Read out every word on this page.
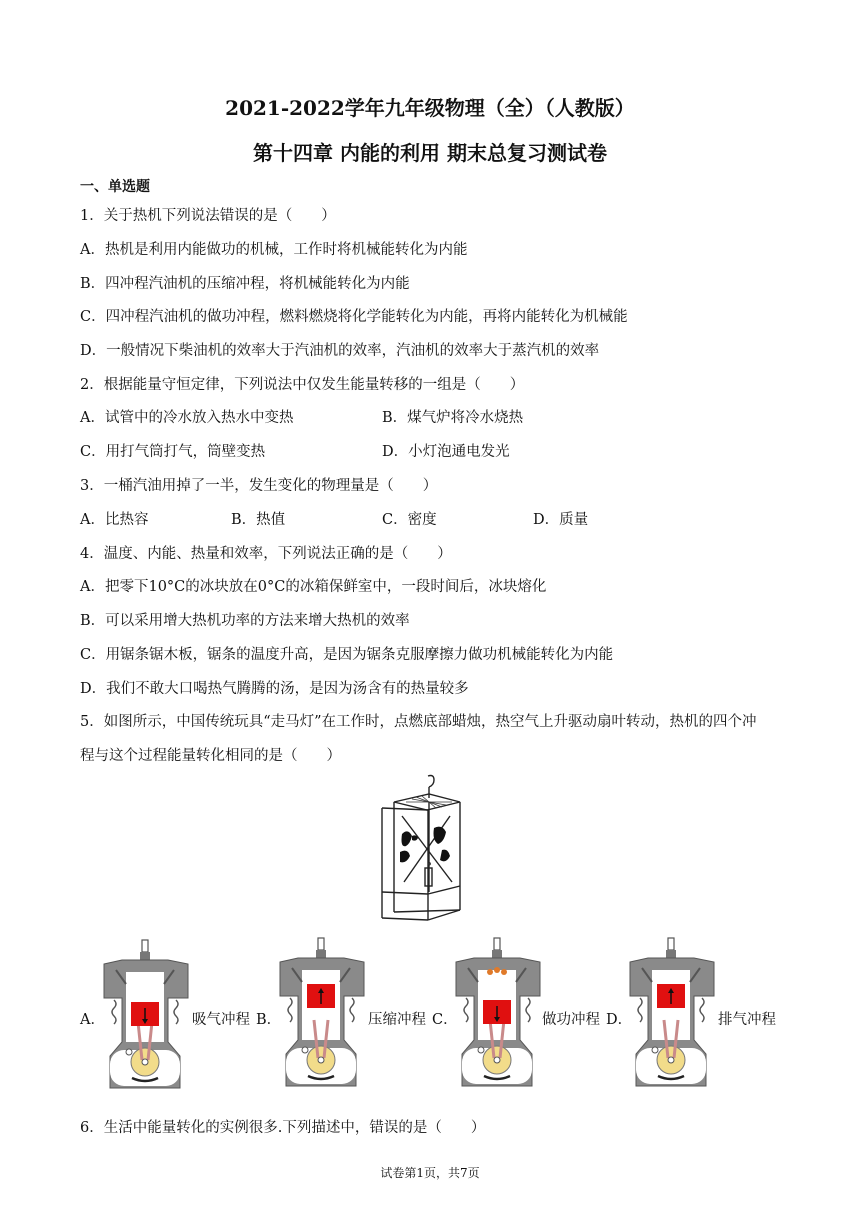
2021-2022学年九年级物理（全）（人教版）
第十四章 内能的利用 期末总复习测试卷
一、单选题
1．关于热机下列说法错误的是（　　）
A．热机是利用内能做功的机械，工作时将机械能转化为内能
B．四冲程汽油机的压缩冲程，将机械能转化为内能
C．四冲程汽油机的做功冲程，燃料燃烧将化学能转化为内能，再将内能转化为机械能
D．一般情况下柴油机的效率大于汽油机的效率，汽油机的效率大于蒸汽机的效率
2．根据能量守恒定律，下列说法中仅发生能量转移的一组是（　　）
A．试管中的冷水放入热水中变热	B．煤气炉将冷水烧热
C．用打气筒打气，筒壁变热	D．小灯泡通电发光
3．一桶汽油用掉了一半，发生变化的物理量是（　　）
A．比热容	B．热值	C．密度	D．质量
4．温度、内能、热量和效率，下列说法正确的是（　　）
A．把零下10°C的冰块放在0°C的冰箱保鲜室中，一段时间后，冰块熔化
B．可以采用增大热机功率的方法来增大热机的效率
C．用锯条锯木板，锯条的温度升高，是因为锯条克服摩擦力做功机械能转化为内能
D．我们不敢大口喝热气腾腾的汤，是因为汤含有的热量较多
5．如图所示，中国传统玩具“走马灯”在工作时，点燃底部蜡烛，热空气上升驱动扇叶转动，热机的四个冲
程与这个过程能量转化相同的是（　　）
A．	吸气冲程 B．	压缩冲程 C．	做功冲程 D．	排气冲程
6．生活中能量转化的实例很多.下列描述中，错误的是（　　）
试卷第1页，共7页
